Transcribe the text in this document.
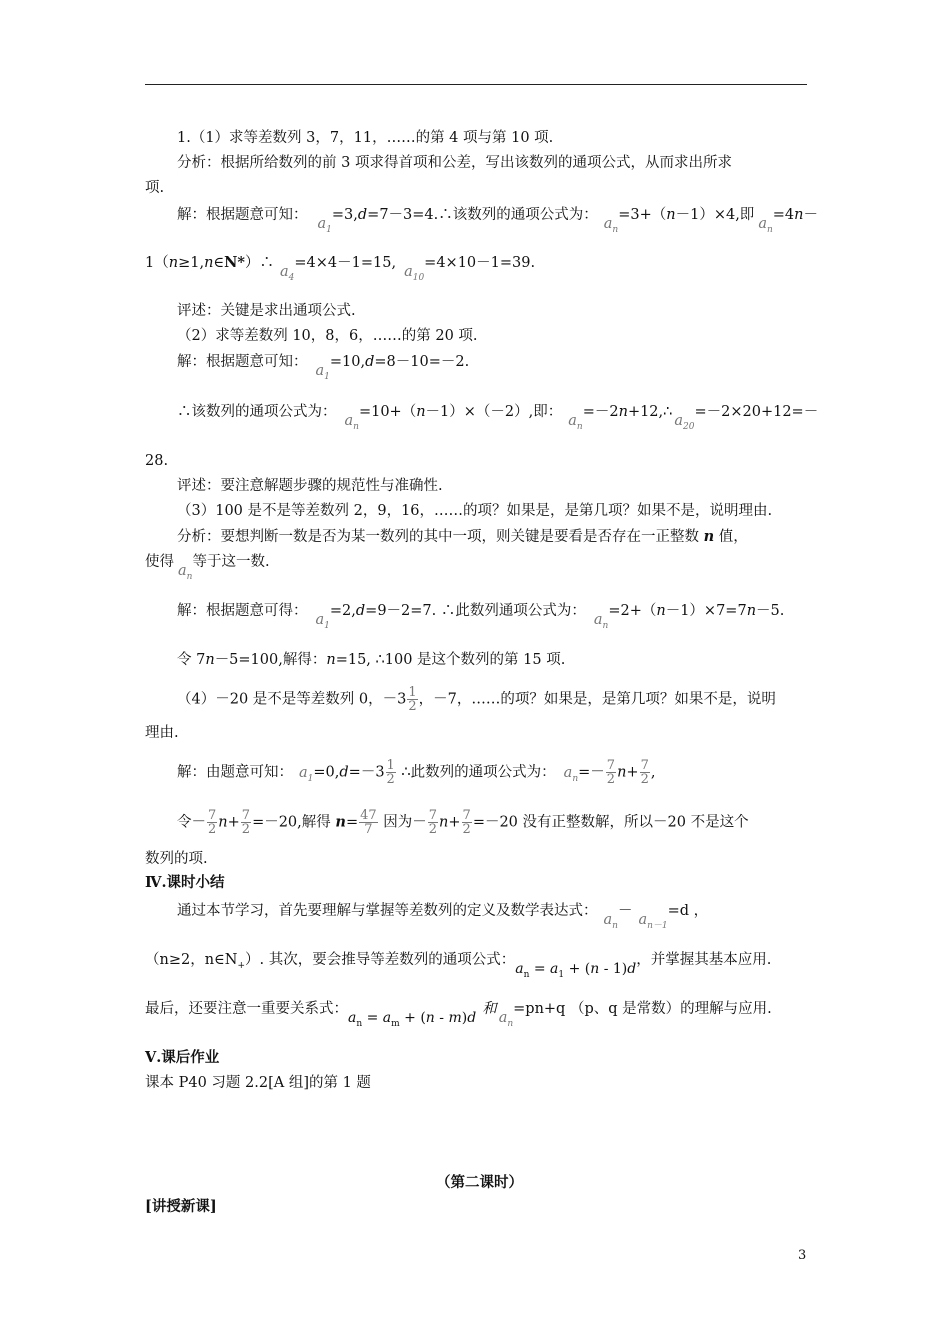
1.（1）求等差数列 3，7，11，……的第 4 项与第 10 项.
分析：根据所给数列的前 3 项求得首项和公差，写出该数列的通项公式，从而求出所求
项.
解：根据题意可知：$a_1=3,d=7-3=4.\therefore$该数列的通项公式为：$a_n=3+(n-1)\times 4$,即$a_n=4n-$
$1(n\ge 1,n\in N*)\therefore a_4=4\times 4-1=15,a_{10}=4\times 10-1=39$.
评述：关键是求出通项公式.
（2）求等差数列 10，8，6，……的第 20 项.
解：根据题意可知：$a_1=10,d=8-10=-2$.
∴该数列的通项公式为：$a_n=10+(n-1)\times(-2)$,即：$a_n=-2n+12,\therefore a_{20}=-2\times 20+12=-$
28.
评述：要注意解题步骤的规范性与准确性.
（3）100 是不是等差数列 2，9，16，……的项？如果是，是第几项？如果不是，说明理由.
分析：要想判断一数是否为某一数列的其中一项，则关键是要看是否存在一正整数 n 值，
使得$a_n$等于这一数.
解：根据题意可得：$a_1=2,d=9-2=7$. ∴此数列通项公式为：$a_n=2+(n-1)\times 7=7n-5$.
令 7n－5=100,解得：n=15, ∴100 是这个数列的第 15 项.
（4）－20 是不是等差数列 0，$-3 \frac{1}{2}$ ，－7，……的项？如果是，是第几项？如果不是，说明
理由.
解：由题意可知： $a_1=0,d=-3 \frac{1}{2}$ ∴此数列的通项公式为： $a_n=- \frac{7}{2} n+ \frac{7}{2}$ ,
令－ $\frac{7}{2} n+ \frac{7}{2} =-20$,解得 $n= \frac{47}{7}$ 因为－ $\frac{7}{2} n+ \frac{7}{2} =-20$ 没有正整数解，所以－20 不是这个
数列的项.
Ⅳ.课时小结
通过本节学习，首先要理解与掌握等差数列的定义及数学表达式：$a_n-a_{n-1}=d$ ，
（n≥2，$n\in N_+$）. 其次，要会推导等差数列的通项公式：$a_n = a_1 + (n - 1)d$，并掌握其基本应用.
最后，还要注意一重要关系式：$a_n = a_m + (n - m)d$和$a_n=pn+q$ （p、q 是常数）的理解与应用.
Ⅴ.课后作业
课本 P40 习题 2.2[A 组]的第 1 题
（第二课时）
[讲授新课]
3
